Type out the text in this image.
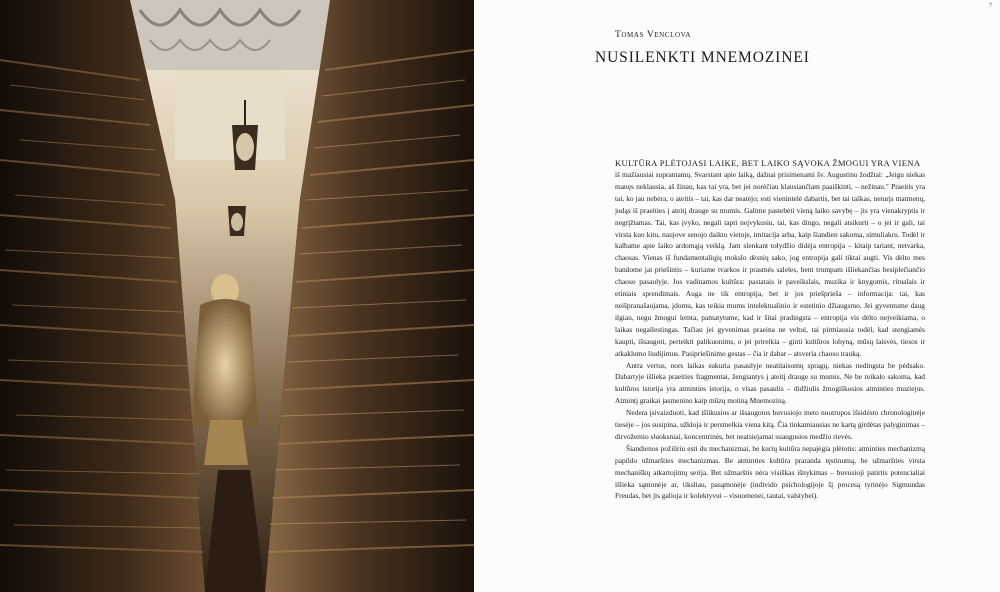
7
Tomas Venclova
NUSILENKTI MNEMOZINEI
KULTŪRA PLĖTOJASI LAIKE, BET LAIKO SĄVOKA ŽMOGUI YRA VIENA

iš mažiausiai suprantamų. Svarstant apie laiką, dažnai prisimenami šv. Augustino žodžiai: „Jeigu niekas manęs neklausia, aš žinau, kas tai yra, bet jei norėčiau klausiančiam paaiškinti, – nežinau." Praeitis yra tai, ko jau nebėra, o ateitis – tai, kas dar neatėjo; esti vienintelė dabartis, bet tai taškas, neturįs matmenų, judąs iš praeities į ateitį drauge su mumis. Galime pastebėti vieną laiko savybę – jis yra vienakryptis ir negrįžtamas. Tai, kas įvyko, negali tapti neįvykusiu, tai, kas dingo, negali atsikurti – o jei ir gali, tai virsta kuo kitu, naujove senojo daikto vietoje, imitacija arba, kaip šiandien sakoma, simuliakru. Todėl ir kalbame apie laiko ardomąją veiklą. Jam slenkant tolydžio didėja entropija – kitaip tariant, netvarka, chaosas. Vienas iš fundamentaliųjų mokslo dėsnių sako, jog entropija gali tiktai augti. Vis dėlto mes bandome jai priešintis – kuriame tvarkos ir prasmės saleles, bent trumpam išliekančias besiplečiančio chaoso pasaulyje. Jos vadinamos kultūra: pastatais ir paveikslais, muzika ir knygomis, ritualais ir etiniais sprendimais. Auga ne tik entropija, bet ir jos priešprieša – informacija: tai, kas neišpranašaujama, įdomu, kas teikia mums intelektualinio ir estetinio džiaugsmo. Jei gyventume daug ilgiau, negu žmogui lemta, pamatytume, kad ir šitai pradingsta – entropija vis dėlto nejveikiama, o laikas negailestingas. Tačiau jei gyvenimas praeina ne veltui, tai pirmiausia todėl, kad stengiamės kaupti, išsaugoti, perteikti palikuonims, o jei prireikia – ginti kultūros lobyną, mūsų laisvės, tiesos ir atkaklumo liudijimus. Pasipriešinimo gestas – čia ir dabar – atsveria chaoso trauką.

Antra vertus, nors laikas sukuria pasaulyje neatitaisomų spragų, niekas nedingsta be pėdsako. Dabartyje išlieka praeities fragmentai, žengiantys į ateitį drauge su mumis. Ne be reikalo sakoma, kad kultūros istorija yra atminties istorija, o visas pasaulis – didžiulis žmogiškosios atminties muziejus. Atmintį graikai jasmenino kaip mūzų motiną Mnemoziną.

Nedera įsivaizduoti, kad išlikusios ar išsaugotos buvusiojo meto nuotrupos išsidėsto chronologinėje tiesėje – jos susipina, užkloja ir persmelkia viena kitą. Čia tinkamiausias ne kartą girdėtas palyginimas – dirvožemio sluoksniai, koncentrinės, bet neatsiejamai suaugusios medžio rievės.

Šiandienos požiūriu esti du mechanizmai, be kurių kultūra nepajėgia plėtotis: atminties mechanizmą papildo užmaršties mechanizmas. Be atminties kultūra praranda tęstinumą, be užmaršties virsta mechaniškų atkartojimų serija. Bet užmarštis nėra visiškas išnykimas – buvusioji patirtis potencialiai išlieka sąmonėje ar, tiksliau, pasąmonėje (individo psichologijoje šį procesą tyrinėjo Sigmundas Freudas, bet jis galioja ir kolektyvui – visuomenei, tautai, valstybei).
